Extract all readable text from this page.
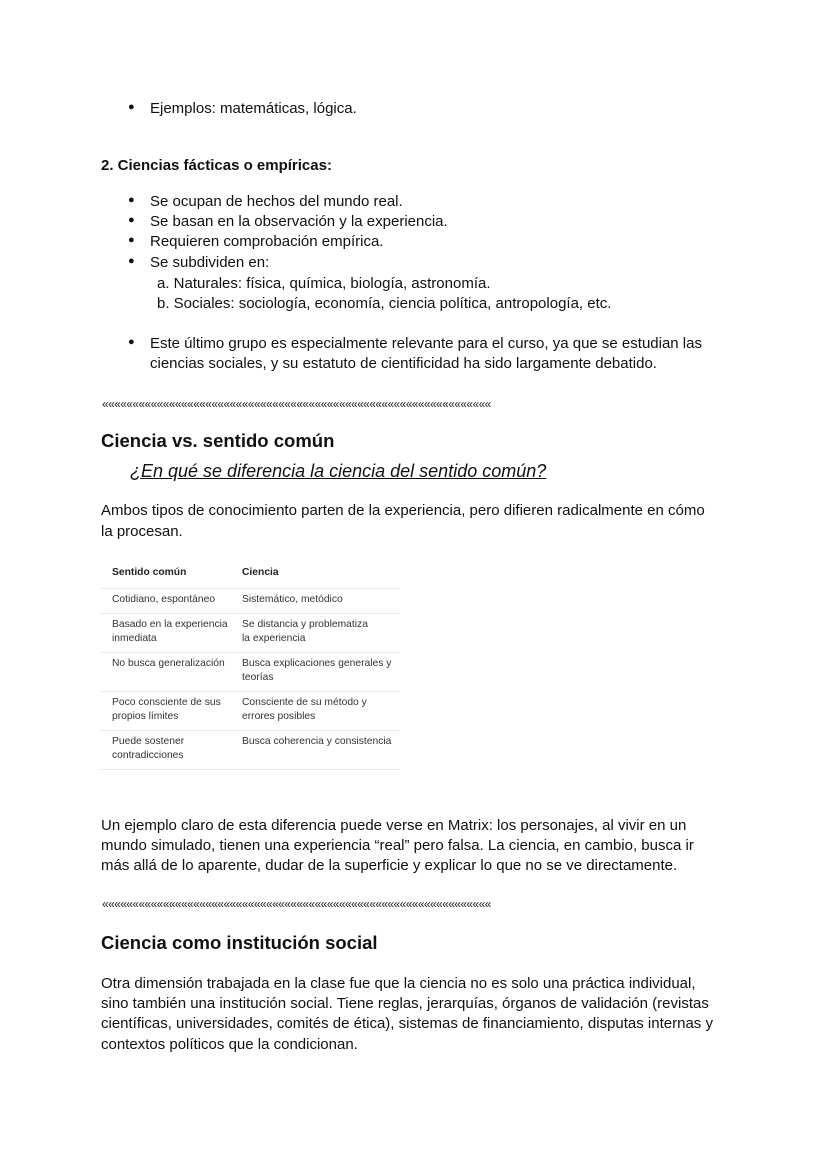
● Ejemplos: matemáticas, lógica.
2. Ciencias fácticas o empíricas:
● Se ocupan de hechos del mundo real.
● Se basan en la observación y la experiencia.
● Requieren comprobación empírica.
● Se subdividen en:
a. Naturales: física, química, biología, astronomía.
b. Sociales: sociología, economía, ciencia política, antropología, etc.
● Este último grupo es especialmente relevante para el curso, ya que se estudian las
ciencias sociales, y su estatuto de cientificidad ha sido largamente debatido.
««««««««««««««««««««««««««««««««««««««««««««««««««««««««««««««««
Ciencia vs. sentido común
¿En qué se diferencia la ciencia del sentido común?
Ambos tipos de conocimiento parten de la experiencia, pero difieren radicalmente en cómo
la procesan.
Sentido común	Ciencia
Cotidiano, espontáneo	Sistemático, metódico
Basado en la experiencia inmediata	Se distancia y problematiza la experiencia
No busca generalización	Busca explicaciones generales y teorías
Poco consciente de sus propios límites	Consciente de su método y errores posibles
Puede sostener contradicciones	Busca coherencia y consistencia
Un ejemplo claro de esta diferencia puede verse en Matrix: los personajes, al vivir en un
mundo simulado, tienen una experiencia “real” pero falsa. La ciencia, en cambio, busca ir
más allá de lo aparente, dudar de la superficie y explicar lo que no se ve directamente.
««««««««««««««««««««««««««««««««««««««««««««««««««««««««««««««««
Ciencia como institución social
Otra dimensión trabajada en la clase fue que la ciencia no es solo una práctica individual,
sino también una institución social. Tiene reglas, jerarquías, órganos de validación (revistas
científicas, universidades, comités de ética), sistemas de financiamiento, disputas internas y
contextos políticos que la condicionan.
